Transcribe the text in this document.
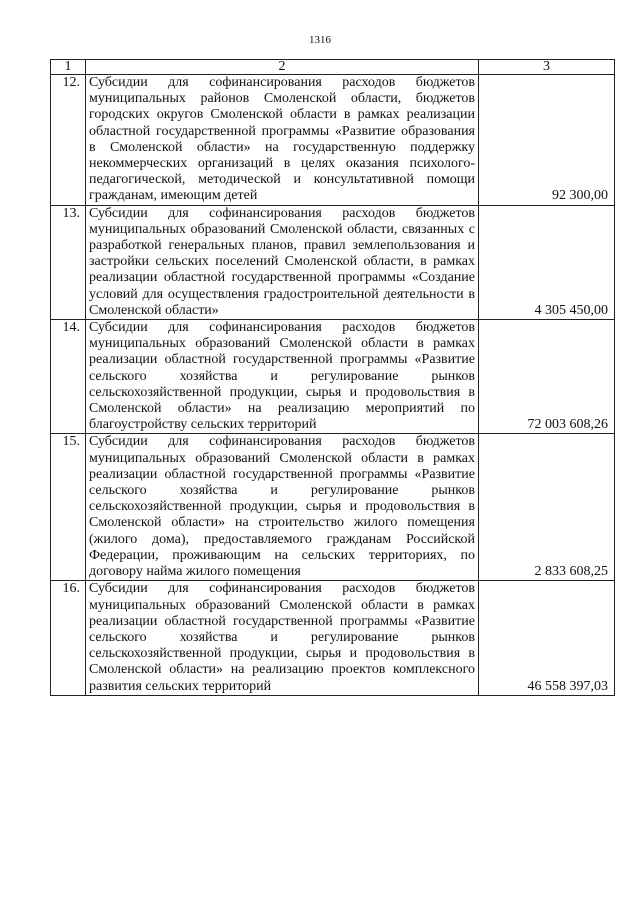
1316
1	2	3
12.	Субсидии для софинансирования расходов бюджетов муниципальных районов Смоленской области, бюджетов городских округов Смоленской области в рамках реализации областной государственной программы «Развитие образования в Смоленской области» на государственную поддержку некоммерческих организаций в целях оказания психолого-педагогической, методической и консультативной помощи гражданам, имеющим детей	92 300,00
13.	Субсидии для софинансирования расходов бюджетов муниципальных образований Смоленской области, связанных с разработкой генеральных планов, правил землепользования и застройки сельских поселений Смоленской области, в рамках реализации областной государственной программы «Создание условий для осуществления градостроительной деятельности в Смоленской области»	4 305 450,00
14.	Субсидии для софинансирования расходов бюджетов муниципальных образований Смоленской области в рамках реализации областной государственной программы «Развитие сельского хозяйства и регулирование рынков сельскохозяйственной продукции, сырья и продовольствия в Смоленской области» на реализацию мероприятий по благоустройству сельских территорий	72 003 608,26
15.	Субсидии для софинансирования расходов бюджетов муниципальных образований Смоленской области в рамках реализации областной государственной программы «Развитие сельского хозяйства и регулирование рынков сельскохозяйственной продукции, сырья и продовольствия в Смоленской области» на строительство жилого помещения (жилого дома), предоставляемого гражданам Российской Федерации, проживающим на сельских территориях, по договору найма жилого помещения	2 833 608,25
16.	Субсидии для софинансирования расходов бюджетов муниципальных образований Смоленской области в рамках реализации областной государственной программы «Развитие сельского хозяйства и регулирование рынков сельскохозяйственной продукции, сырья и продовольствия в Смоленской области» на реализацию проектов комплексного развития сельских территорий	46 558 397,03
